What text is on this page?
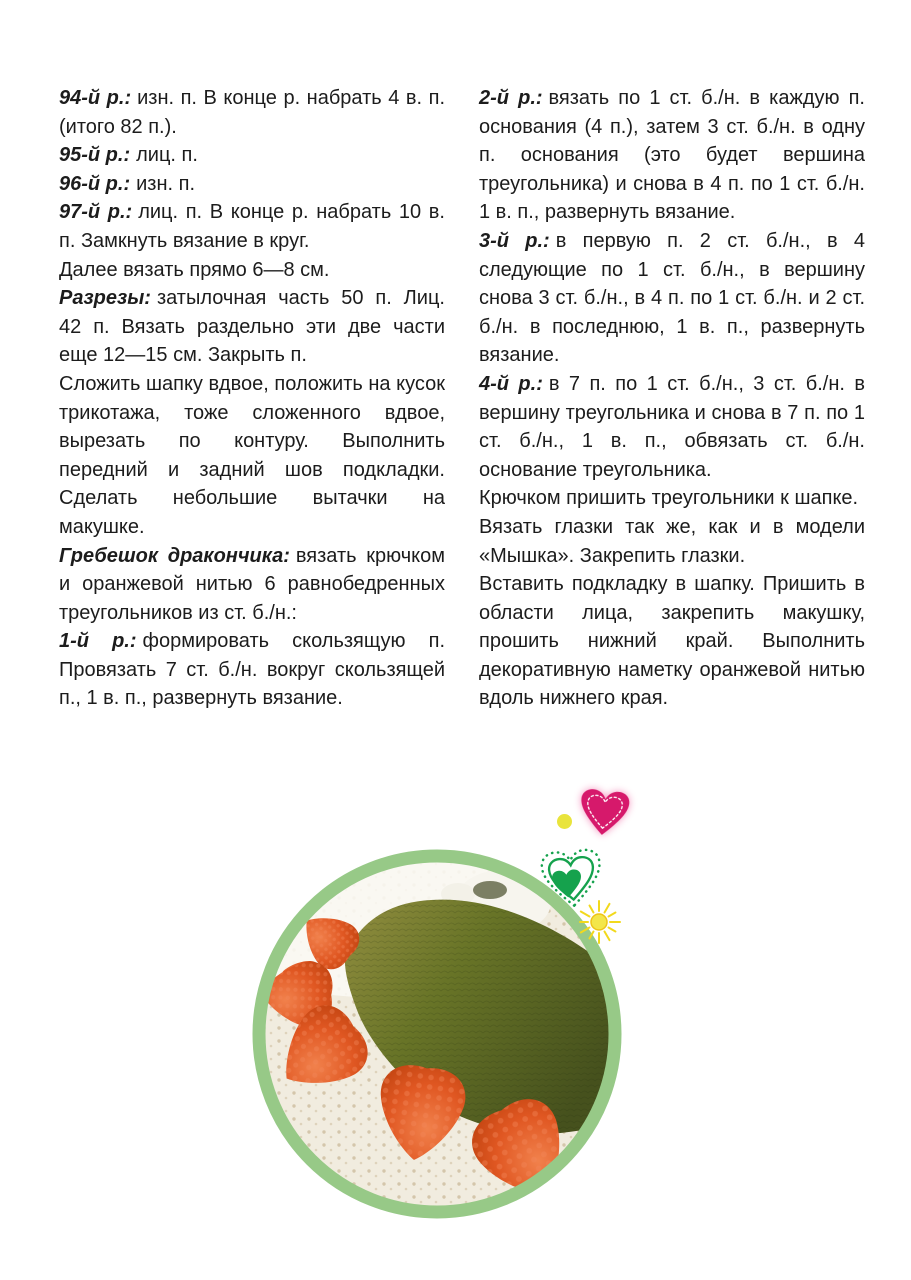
94-й р.: изн. п. В конце р. набрать 4 в. п. (итого 82 п.).

95-й р.: лиц. п.

96-й р.: изн. п.

97-й р.: лиц. п. В конце р. набрать 10 в. п. Замкнуть вязание в круг.

Далее вязать прямо 6—8 см.

Разрезы: затылочная часть 50 п. Лиц. 42 п. Вязать раздельно эти две части еще 12—15 см. Закрыть п.

Сложить шапку вдвое, положить на кусок трикотажа, тоже сложенного вдвое, вырезать по контуру. Выполнить передний и задний шов подкладки. Сделать небольшие вытачки на макушке.

Гребешок дракончика: вязать крючком и оранжевой нитью 6 равнобедренных треугольников из ст. б./н.:

1-й р.: формировать скользящую п. Провязать 7 ст. б./н. вокруг скользящей п., 1 в. п., развернуть вязание.

2-й р.: вязать по 1 ст. б./н. в каждую п. основания (4 п.), затем 3 ст. б./н. в одну п. основания (это будет вершина треугольника) и снова в 4 п. по 1 ст. б./н. 1 в. п., развернуть вязание.

3-й р.: в первую п. 2 ст. б./н., в 4 следующие по 1 ст. б./н., в вершину снова 3 ст. б./н., в 4 п. по 1 ст. б./н. и 2 ст. б./н. в последнюю, 1 в. п., развернуть вязание.

4-й р.: в 7 п. по 1 ст. б./н., 3 ст. б./н. в вершину треугольника и снова в 7 п. по 1 ст. б./н., 1 в. п., обвязать ст. б./н. основание треугольника.

Крючком пришить треугольники к шапке.

Вязать глазки так же, как и в модели «Мышка». Закрепить глазки.

Вставить подкладку в шапку. Пришить в области лица, закрепить макушку, прошить нижний край. Выполнить декоративную наметку оранжевой нитью вдоль нижнего края.
